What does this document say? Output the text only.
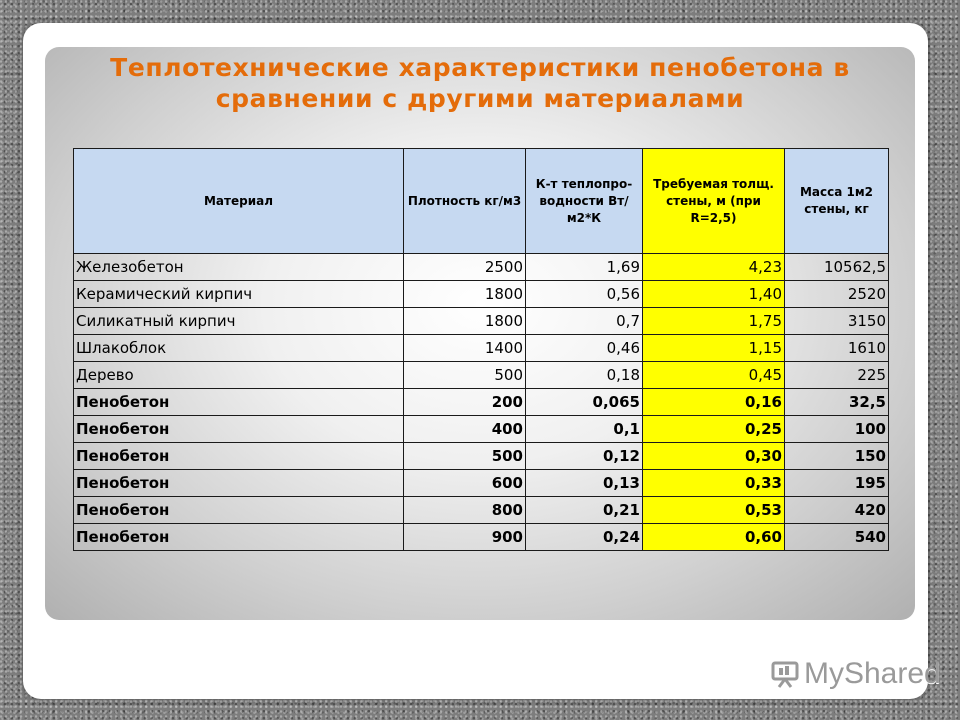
Теплотехнические характеристики пенобетона в
сравнении с другими материалами
Материал	Плотность кг/м3	К-т теплопро-водности Вт/м2*К	Требуемая толщ. стены, м (при R=2,5)	Масса 1м2 стены, кг
Железобетон	2500	1,69	4,23	10562,5
Керамический кирпич	1800	0,56	1,40	2520
Силикатный кирпич	1800	0,7	1,75	3150
Шлакоблок	1400	0,46	1,15	1610
Дерево	500	0,18	0,45	225
Пенобетон	200	0,065	0,16	32,5
Пенобетон	400	0,1	0,25	100
Пенобетон	500	0,12	0,30	150
Пенобетон	600	0,13	0,33	195
Пенобетон	800	0,21	0,53	420
Пенобетон	900	0,24	0,60	540
MyShared
